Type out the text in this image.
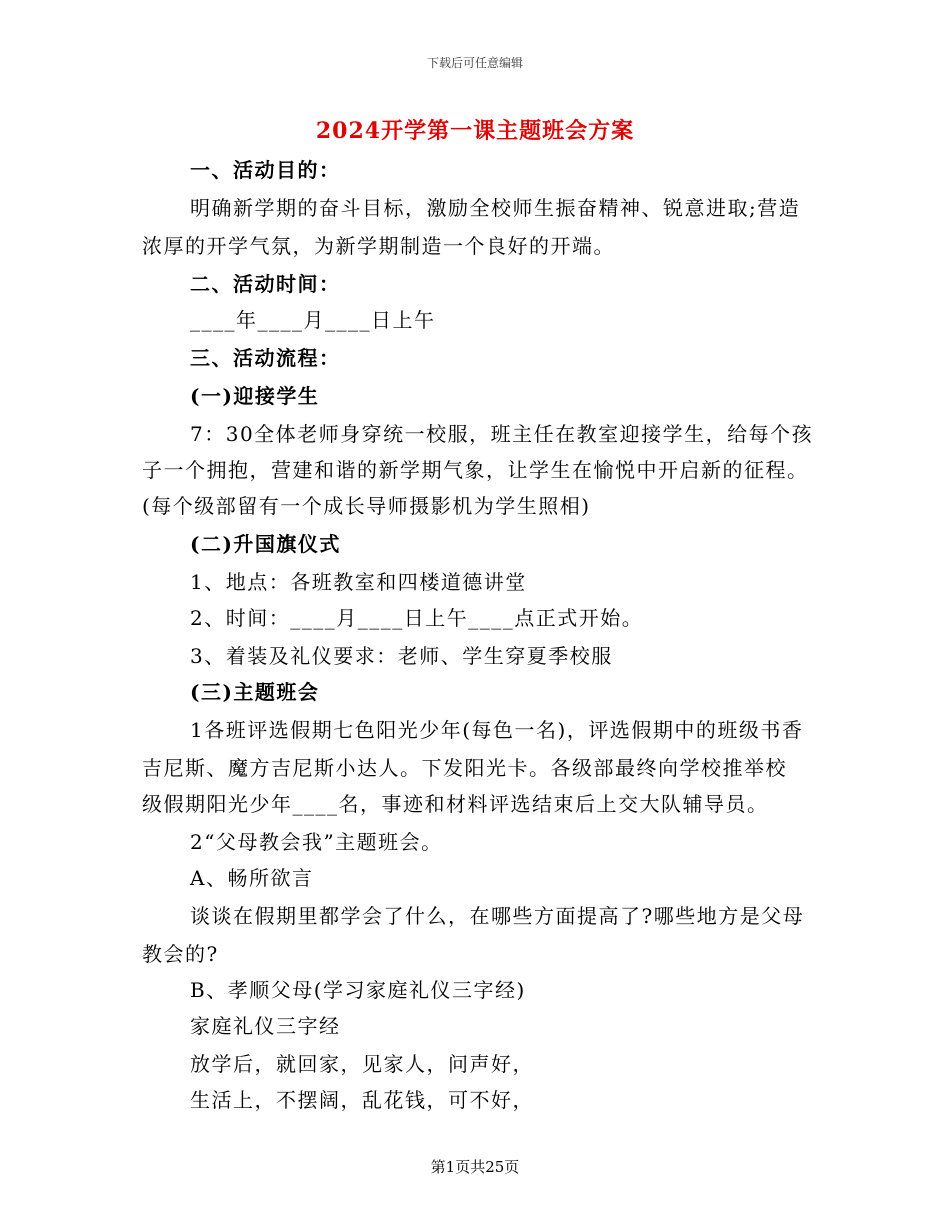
下载后可任意编辑
2024开学第一课主题班会方案
一、活动目的：
明确新学期的奋斗目标，激励全校师生振奋精神、锐意进取;营造
浓厚的开学气氛，为新学期制造一个良好的开端。
二、活动时间：
____年____月____日上午
三、活动流程：
(一)迎接学生
7：30全体老师身穿统一校服，班主任在教室迎接学生，给每个孩
子一个拥抱，营建和谐的新学期气象，让学生在愉悦中开启新的征程。
(每个级部留有一个成长导师摄影机为学生照相)
(二)升国旗仪式
1、地点：各班教室和四楼道德讲堂
2、时间：____月____日上午____点正式开始。
3、着装及礼仪要求：老师、学生穿夏季校服
(三)主题班会
1各班评选假期七色阳光少年(每色一名)，评选假期中的班级书香
吉尼斯、魔方吉尼斯小达人。下发阳光卡。各级部最终向学校推举校
级假期阳光少年____名，事迹和材料评选结束后上交大队辅导员。
2“父母教会我”主题班会。
A、畅所欲言
谈谈在假期里都学会了什么，在哪些方面提高了?哪些地方是父母
教会的?
B、孝顺父母(学习家庭礼仪三字经)
家庭礼仪三字经
放学后，就回家，见家人，问声好，
生活上，不摆阔，乱花钱，可不好，
第1页共25页
